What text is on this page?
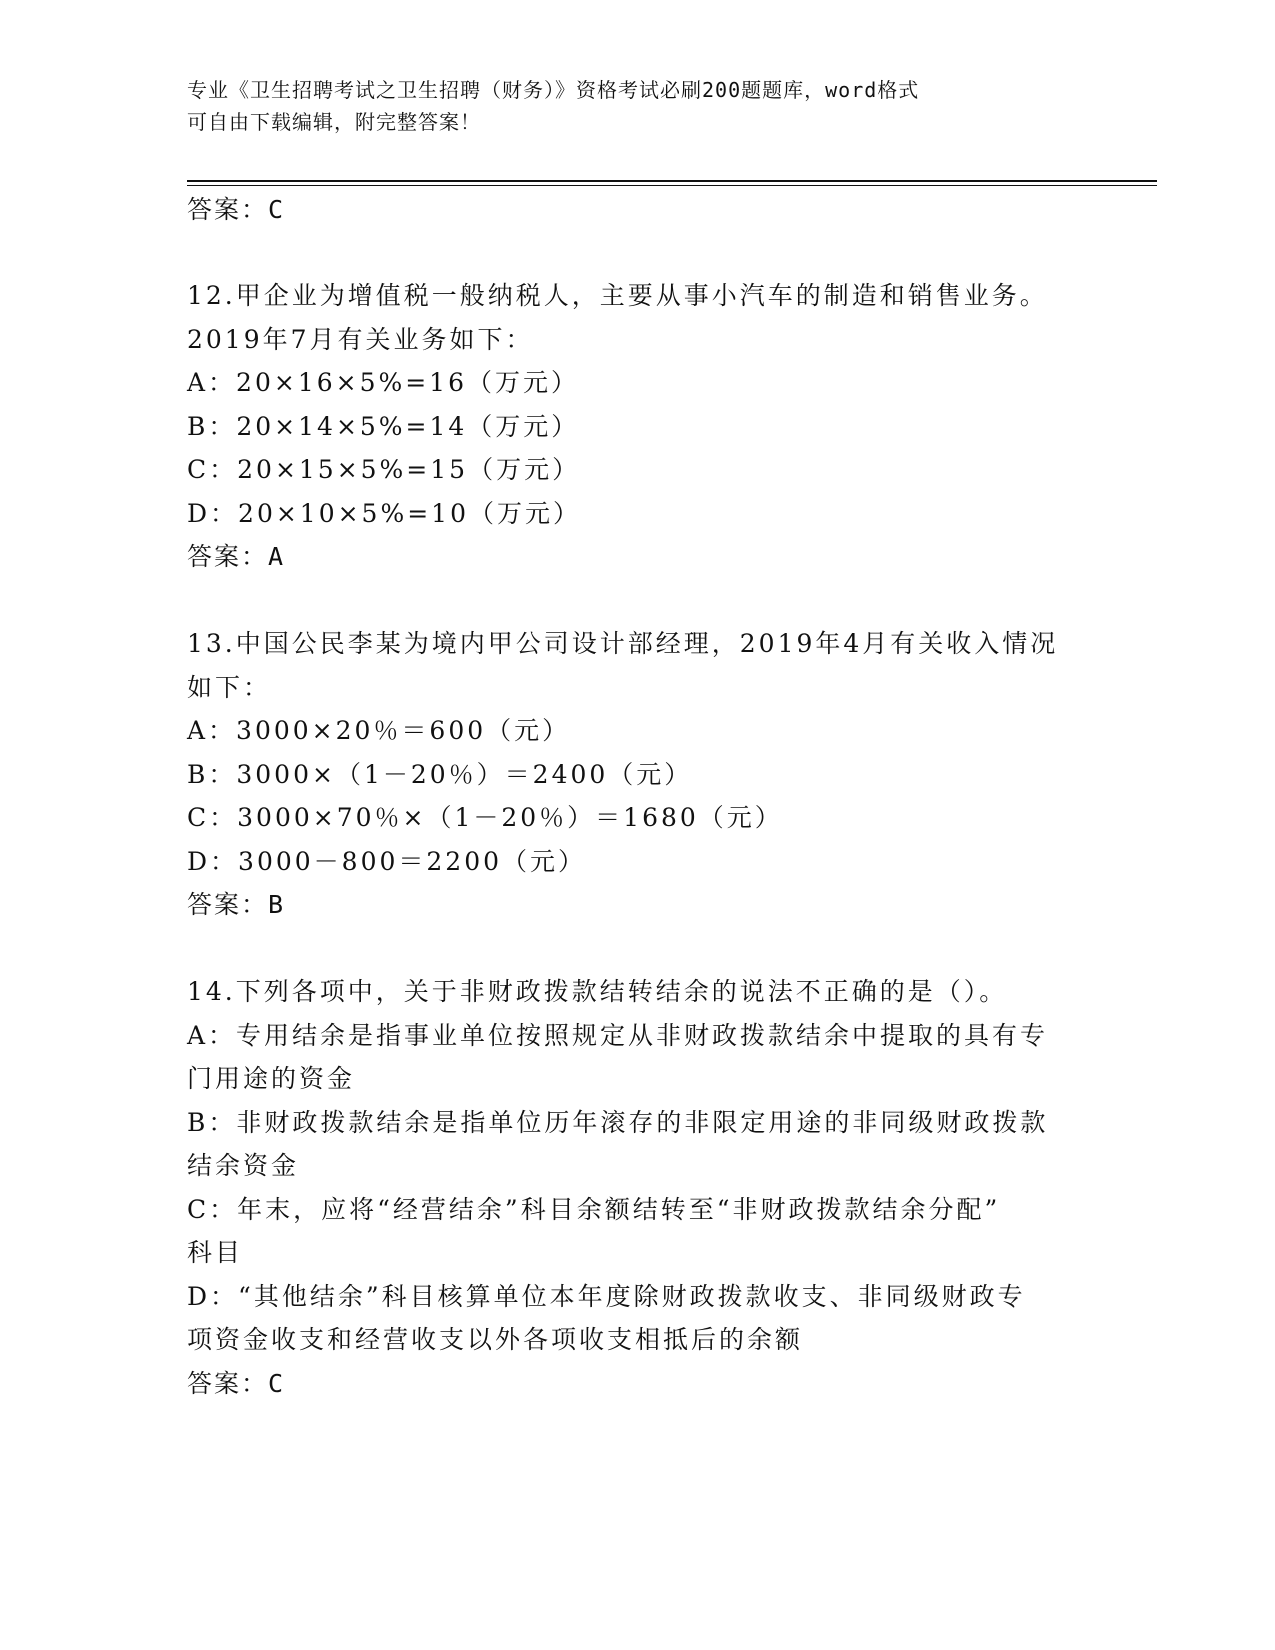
专业《卫生招聘考试之卫生招聘（财务）》资格考试必刷200题题库，word格式
可自由下载编辑，附完整答案！
答案：C
12.甲企业为增值税一般纳税人，主要从事小汽车的制造和销售业务。
2019年7月有关业务如下：
A：20×16×5%=16（万元）
B：20×14×5%=14（万元）
C：20×15×5%=15（万元）
D：20×10×5%=10（万元）
答案：A
13.中国公民李某为境内甲公司设计部经理，2019年4月有关收入情况
如下：
A：3000×20％＝600（元）
B：3000×（1－20％）＝2400（元）
C：3000×70％×（1－20％）＝1680（元）
D：3000－800＝2200（元）
答案：B
14.下列各项中，关于非财政拨款结转结余的说法不正确的是（）。
A：专用结余是指事业单位按照规定从非财政拨款结余中提取的具有专
门用途的资金
B：非财政拨款结余是指单位历年滚存的非限定用途的非同级财政拨款
结余资金
C：年末，应将“经营结余”科目余额结转至“非财政拨款结余分配”
科目
D：“其他结余”科目核算单位本年度除财政拨款收支、非同级财政专
项资金收支和经营收支以外各项收支相抵后的余额
答案：C
